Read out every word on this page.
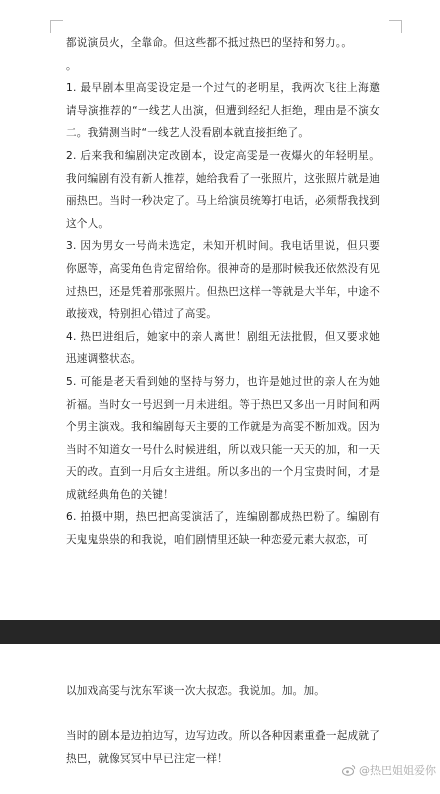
都说演员火，全靠命。但这些都不抵过热巴的坚持和努力。。

。

1. 最早剧本里高雯设定是一个过气的老明星，我两次飞往上海邀请导演推荐的“一线艺人出演，但遭到经纪人拒绝，理由是不演女二。我猜测当时“一线艺人没看剧本就直接拒绝了。

2. 后来我和编剧决定改剧本，设定高雯是一夜爆火的年轻明星。我问编剧有没有新人推荐，她给我看了一张照片，这张照片就是迪丽热巴。当时一秒决定了。马上给演员统筹打电话，必须帮我找到这个人。

3. 因为男女一号尚未选定，未知开机时间。我电话里说，但只要你愿等，高雯角色肯定留给你。很神奇的是那时候我还依然没有见过热巴，还是凭着那张照片。但热巴这样一等就是大半年，中途不敢接戏，特别担心错过了高雯。

4. 热巴进组后，她家中的亲人离世！剧组无法批假，但又要求她迅速调整状态。

5. 可能是老天看到她的坚持与努力，也许是她过世的亲人在为她祈福。当时女一号迟到一月未进组。等于热巴又多出一月时间和两个男主演戏。我和编剧每天主要的工作就是为高雯不断加戏。因为当时不知道女一号什么时候进组，所以戏只能一天天的加，和一天天的改。直到一月后女主进组。所以多出的一个月宝贵时间，才是成就经典角色的关键！

6. 拍摄中期，热巴把高雯演活了，连编剧都成热巴粉了。编剧有天鬼鬼祟祟的和我说，咱们剧情里还缺一种恋爱元素大叔恋，可

以加戏高雯与沈东军谈一次大叔恋。我说加。加。加。

当时的剧本是边拍边写，边写边改。所以各种因素重叠一起成就了热巴，就像冥冥中早已注定一样！

@热巴姐姐爱你
